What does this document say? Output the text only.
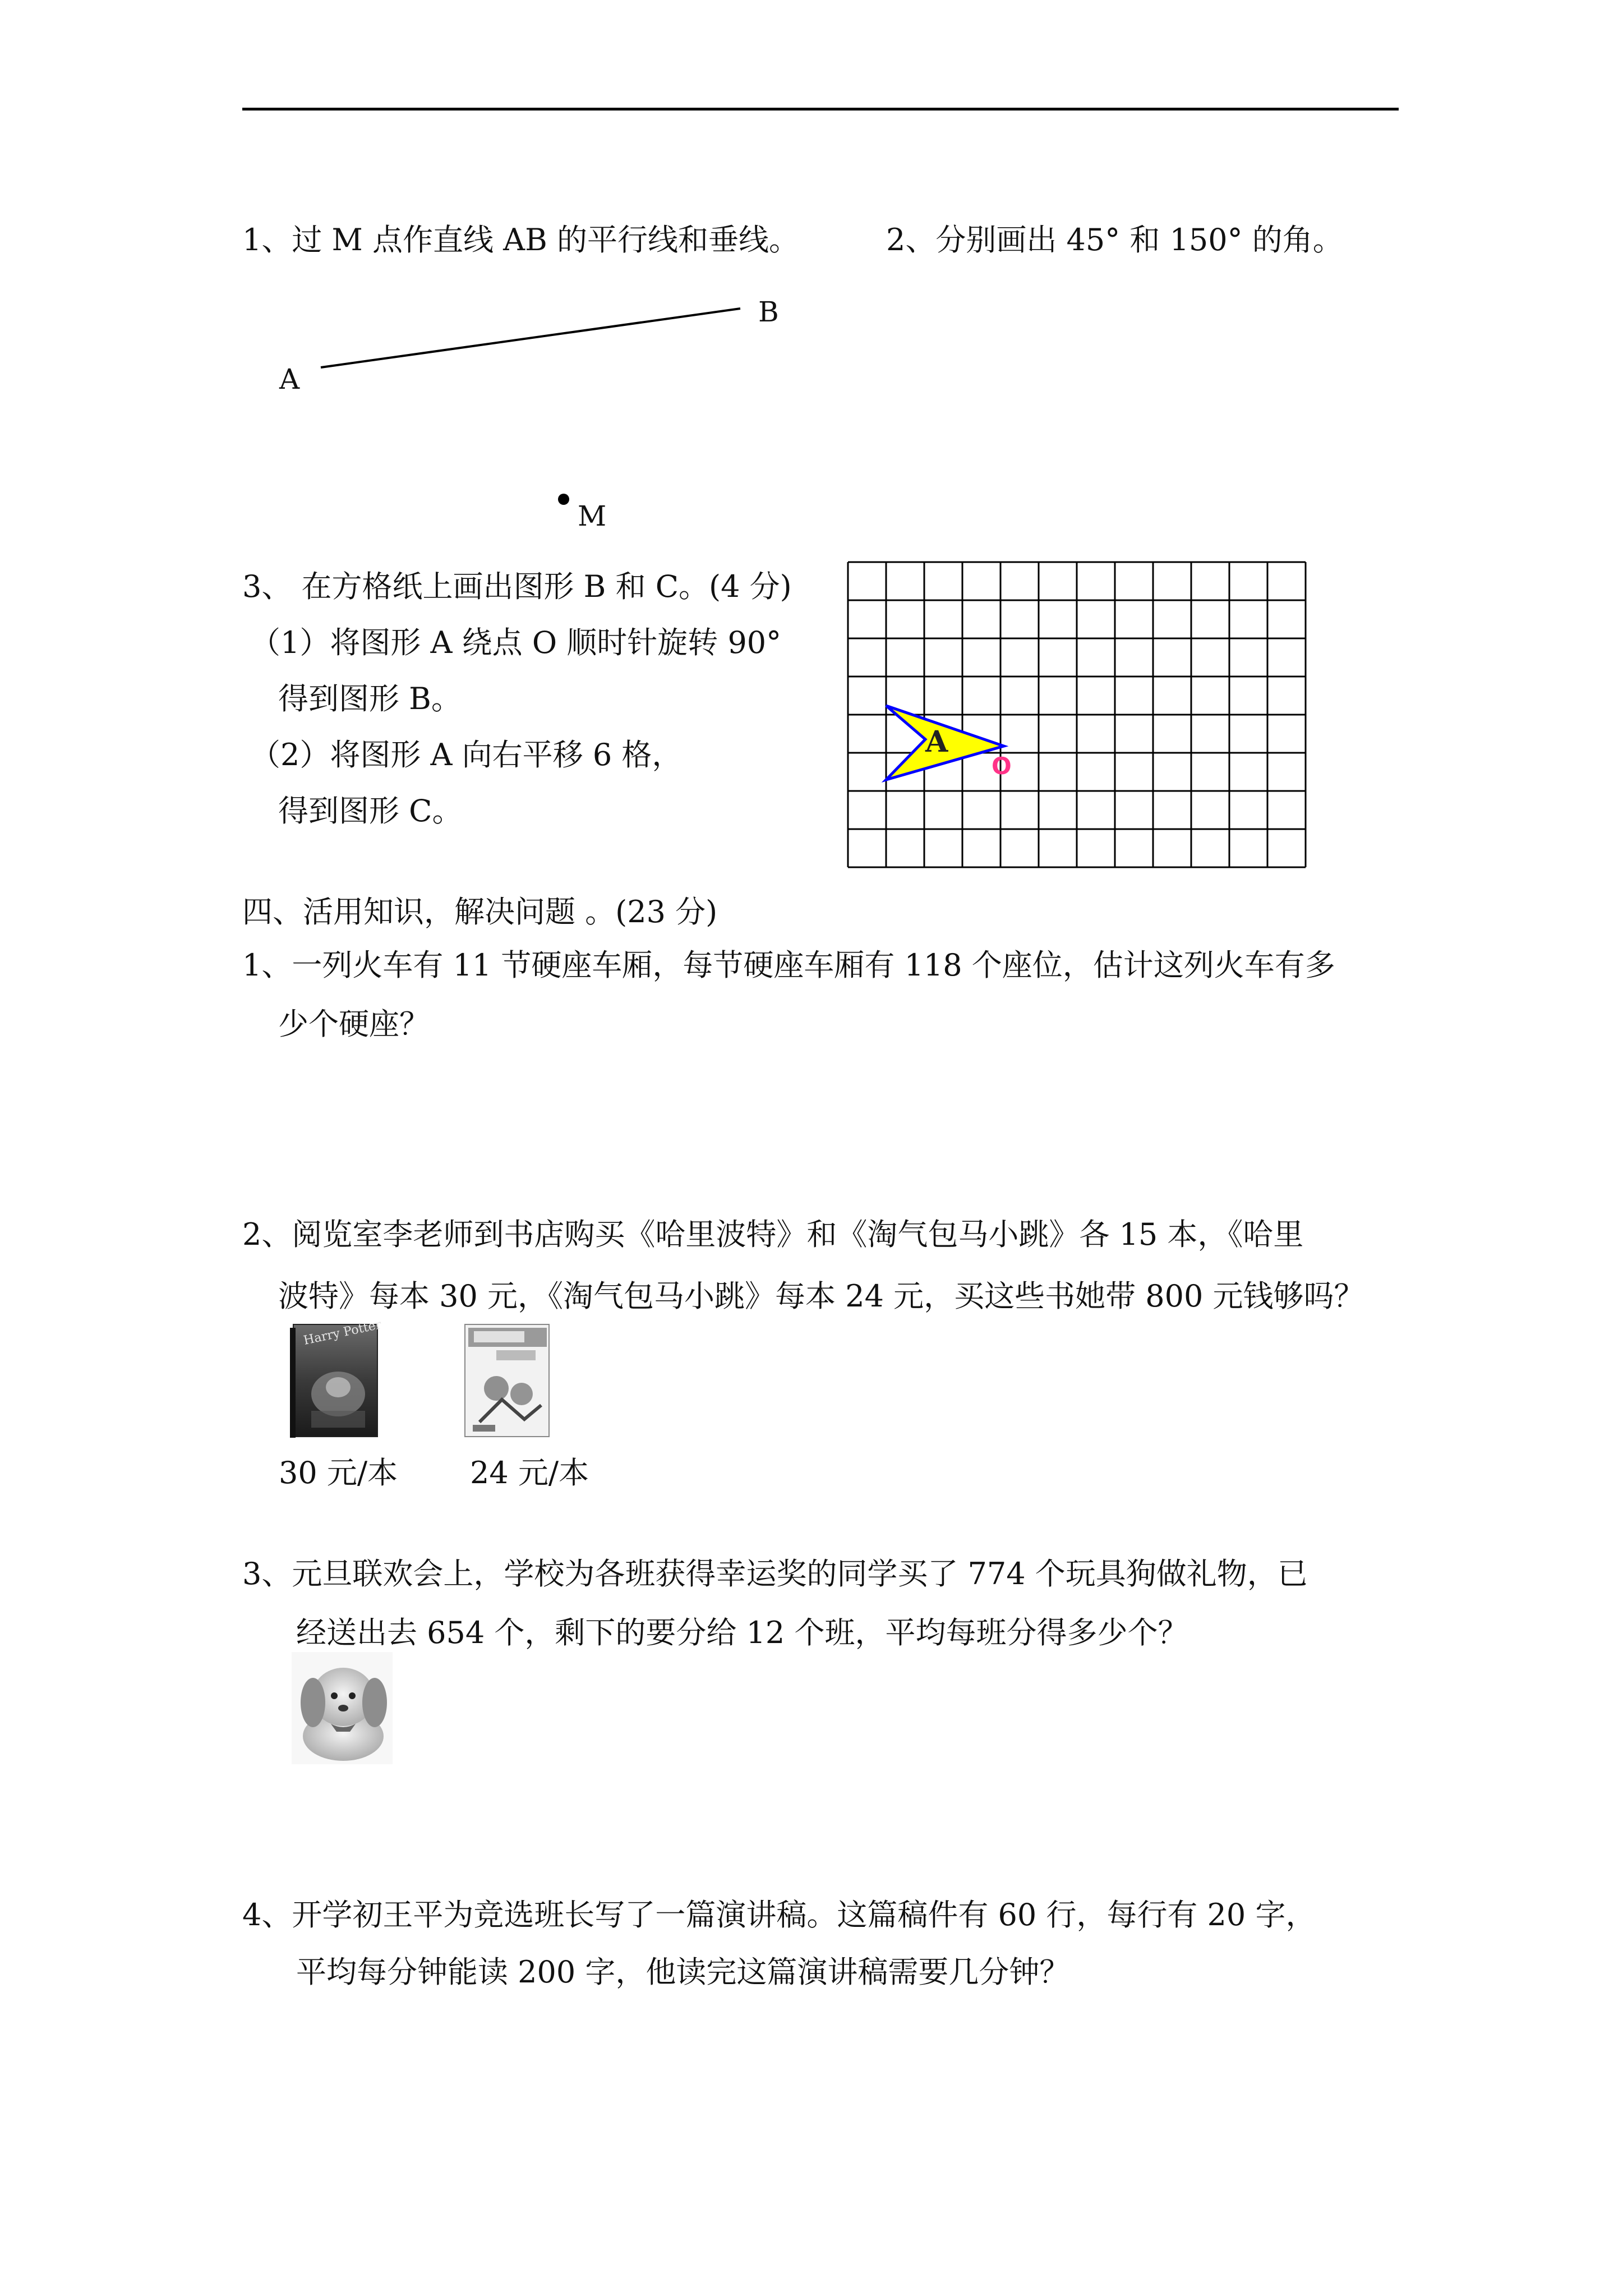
1、过 M 点作直线 AB 的平行线和垂线。	2、分别画出 45° 和 150° 的角。
A
B
M
3、 在方格纸上画出图形 B 和 C。(4 分)
（1）将图形 A 绕点 O 顺时针旋转 90°
得到图形 B。
（2）将图形 A 向右平移 6 格，
得到图形 C。
A
O
四、活用知识，解决问题 。(23 分)
1、一列火车有 11 节硬座车厢，每节硬座车厢有 118 个座位，估计这列火车有多
少个硬座？
2、阅览室李老师到书店购买《哈里波特》和《淘气包马小跳》各 15 本，《哈里
波特》每本 30 元，《淘气包马小跳》每本 24 元，买这些书她带 800 元钱够吗？
Harry Potter
30 元/本 24 元/本
3、元旦联欢会上，学校为各班获得幸运奖的同学买了 774 个玩具狗做礼物，已
经送出去 654 个，剩下的要分给 12 个班，平均每班分得多少个？
4、开学初王平为竞选班长写了一篇演讲稿。这篇稿件有 60 行，每行有 20 字，
平均每分钟能读 200 字，他读完这篇演讲稿需要几分钟？
